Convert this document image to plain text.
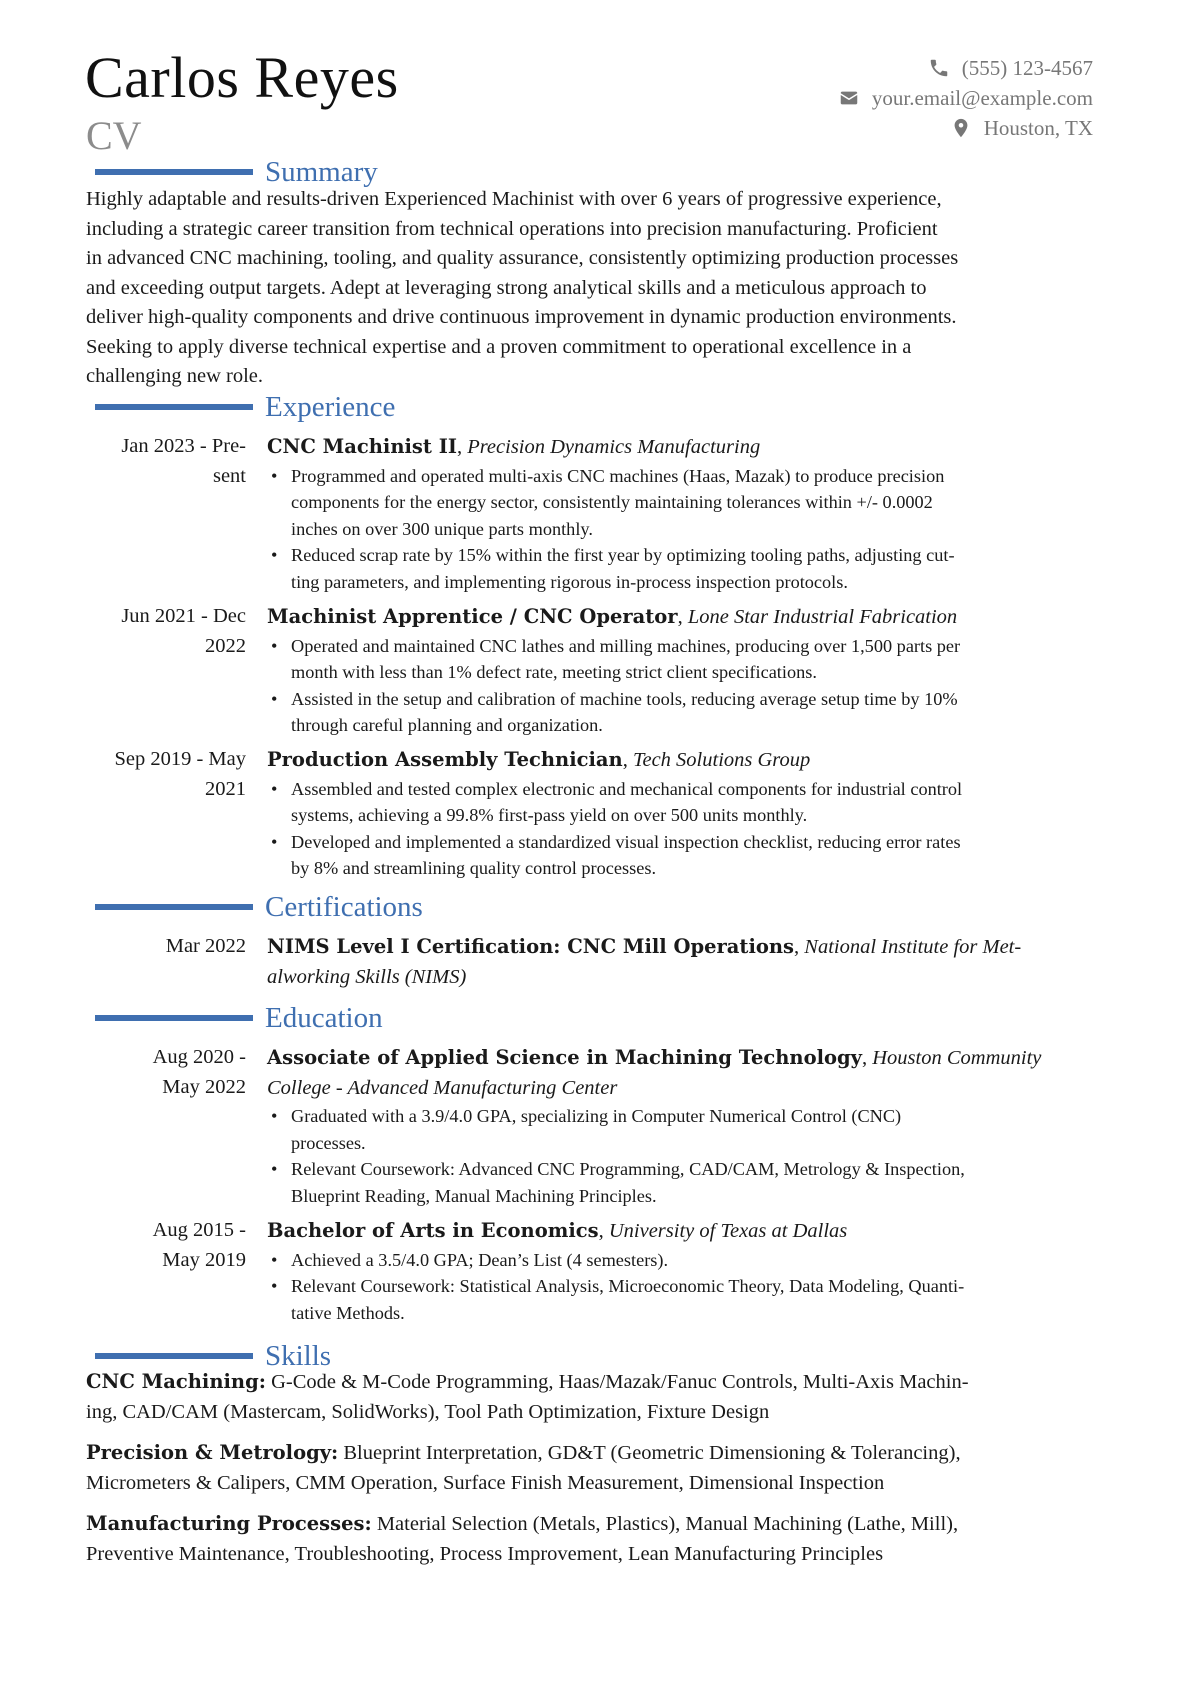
Carlos Reyes
CV
(555) 123-4567
your.email@example.com
Houston, TX
Summary
Highly adaptable and results-driven Experienced Machinist with over 6 years of progressive experience,
including a strategic career transition from technical operations into precision manufacturing. Proficient
in advanced CNC machining, tooling, and quality assurance, consistently optimizing production processes
and exceeding output targets. Adept at leveraging strong analytical skills and a meticulous approach to
deliver high-quality components and drive continuous improvement in dynamic production environments.
Seeking to apply diverse technical expertise and a proven commitment to operational excellence in a
challenging new role.
Experience
Jan 2023 - Pre-
sent
CNC Machinist II, Precision Dynamics Manufacturing
• Programmed and operated multi-axis CNC machines (Haas, Mazak) to produce precision
components for the energy sector, consistently maintaining tolerances within +/- 0.0002
inches on over 300 unique parts monthly.
• Reduced scrap rate by 15% within the first year by optimizing tooling paths, adjusting cut-
ting parameters, and implementing rigorous in-process inspection protocols.
Jun 2021 - Dec
2022
Machinist Apprentice / CNC Operator, Lone Star Industrial Fabrication
• Operated and maintained CNC lathes and milling machines, producing over 1,500 parts per
month with less than 1% defect rate, meeting strict client specifications.
• Assisted in the setup and calibration of machine tools, reducing average setup time by 10%
through careful planning and organization.
Sep 2019 - May
2021
Production Assembly Technician, Tech Solutions Group
• Assembled and tested complex electronic and mechanical components for industrial control
systems, achieving a 99.8% first-pass yield on over 500 units monthly.
• Developed and implemented a standardized visual inspection checklist, reducing error rates
by 8% and streamlining quality control processes.
Certifications
Mar 2022 NIMS Level I Certification: CNC Mill Operations, National Institute for Met-
alworking Skills (NIMS)
Education
Aug 2020 -
May 2022
Associate of Applied Science in Machining Technology, Houston Community
College - Advanced Manufacturing Center
• Graduated with a 3.9/4.0 GPA, specializing in Computer Numerical Control (CNC)
processes.
• Relevant Coursework: Advanced CNC Programming, CAD/CAM, Metrology & Inspection,
Blueprint Reading, Manual Machining Principles.
Aug 2015 -
May 2019
Bachelor of Arts in Economics, University of Texas at Dallas
• Achieved a 3.5/4.0 GPA; Dean’s List (4 semesters).
• Relevant Coursework: Statistical Analysis, Microeconomic Theory, Data Modeling, Quanti-
tative Methods.
Skills
CNC Machining: G-Code & M-Code Programming, Haas/Mazak/Fanuc Controls, Multi-Axis Machin-
ing, CAD/CAM (Mastercam, SolidWorks), Tool Path Optimization, Fixture Design
Precision & Metrology: Blueprint Interpretation, GD&T (Geometric Dimensioning & Tolerancing),
Micrometers & Calipers, CMM Operation, Surface Finish Measurement, Dimensional Inspection
Manufacturing Processes: Material Selection (Metals, Plastics), Manual Machining (Lathe, Mill),
Preventive Maintenance, Troubleshooting, Process Improvement, Lean Manufacturing Principles
